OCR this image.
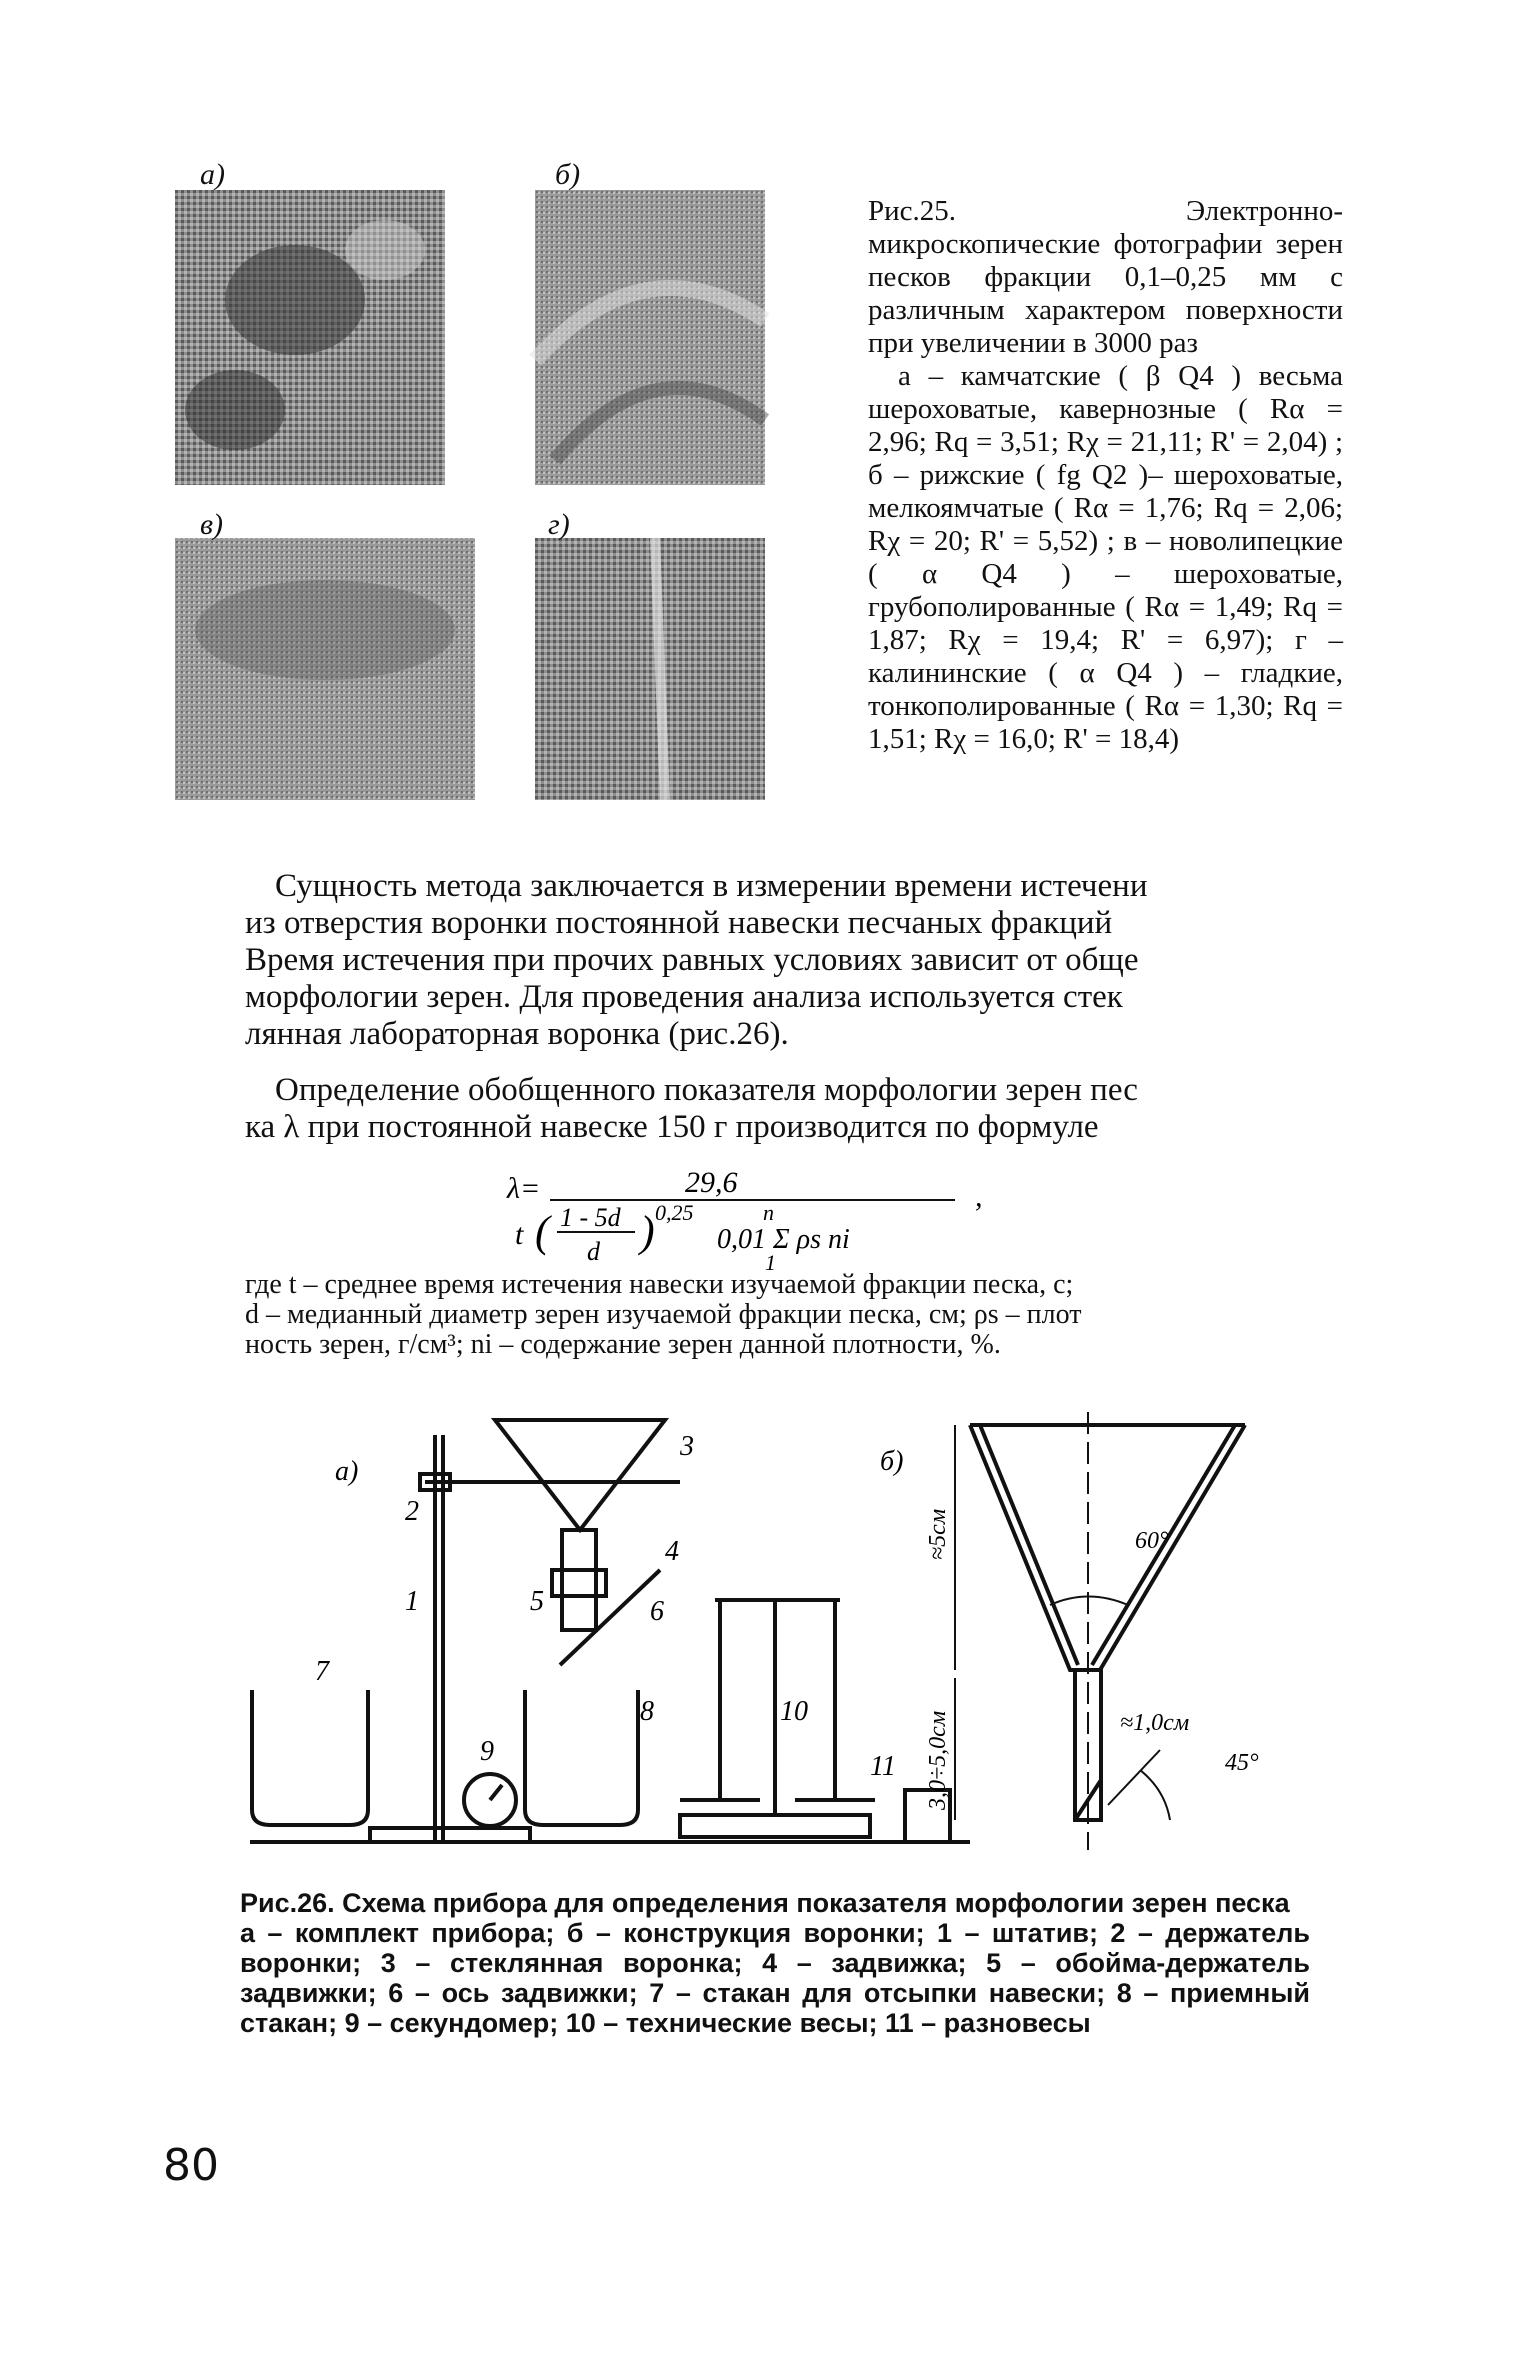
а)	б)
в)	г)
Рис.25. Электронно-микроскопические фотографии зерен песков фракции 0,1–0,25 мм с различным характером поверхности при увеличении в 3000 раз
а – камчатские ( β Q4 ) весьма шероховатые, кавернозные ( Rα = 2,96; Rq = 3,51; Rχ = 21,11; R' = 2,04) ; б – рижские ( fg Q2 )– шероховатые, мелкоямчатые ( Rα = 1,76; Rq = 2,06; Rχ = 20; R' = 5,52) ; в – новолипецкие ( α Q4 ) – шероховатые, грубополированные ( Rα = 1,49; Rq = 1,87; Rχ = 19,4; R' = 6,97); г – калининские ( α Q4 ) – гладкие, тонкополированные ( Rα = 1,30; Rq = 1,51; Rχ = 16,0; R' = 18,4)
Сущность метода заключается в измерении времени истечени
из отверстия воронки постоянной навески песчаных фракций
Время истечения при прочих равных условиях зависит от обще
морфологии зерен. Для проведения анализа используется стек
лянная лабораторная воронка (рис.26).
Определение обобщенного показателя морфологии зерен пес
ка λ при постоянной навеске 150 г производится по формуле
λ=	29,6
t ( 1 - 5d
d ) 0,25	n
0,01 Σ ρs ni
1
,
где t – среднее время истечения навески изучаемой фракции песка, с;
d – медианный диаметр зерен изучаемой фракции песка, см; ρs – плот
ность зерен, г/см³; ni – содержание зерен данной плотности, %.
а)	б)
1
2
3
4
5	6
7
8
9
10
11
≈5см	60°
3,0÷5,0см	≈1,0см
45°
Рис.26. Схема прибора для определения показателя морфологии зерен песка
а – комплект прибора; б – конструкция воронки; 1 – штатив; 2 – держатель воронки; 3 – стеклянная воронка; 4 – задвижка; 5 – обойма-держатель задвижки; 6 – ось задвижки; 7 – стакан для отсыпки навески; 8 – приемный стакан; 9 – секундомер; 10 – технические весы; 11 – разновесы
80
